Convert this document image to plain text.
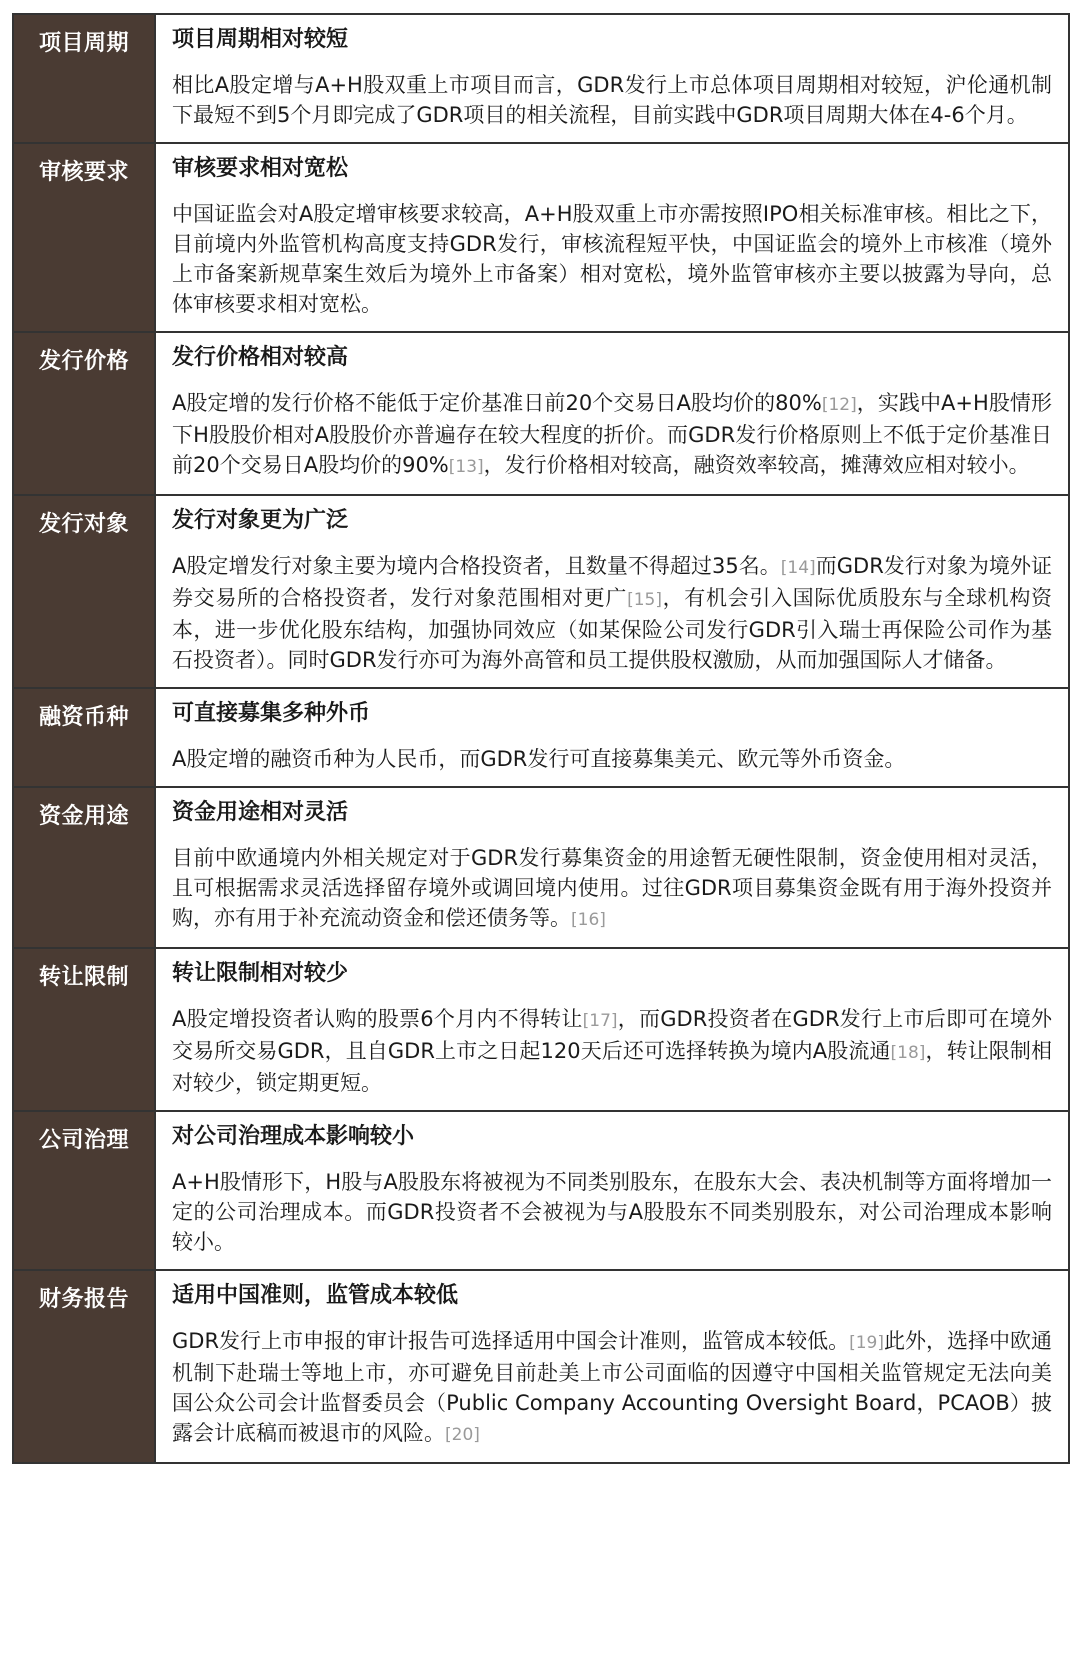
项目周期	项目周期相对较短
相比A股定增与A+H股双重上市项目而言，GDR发行上市总体项目周期相对较短，沪伦通机制下最短不到5个月即完成了GDR项目的相关流程，目前实践中GDR项目周期大体在4-6个月。
审核要求	审核要求相对宽松
中国证监会对A股定增审核要求较高，A+H股双重上市亦需按照IPO相关标准审核。相比之下，目前境内外监管机构高度支持GDR发行，审核流程短平快，中国证监会的境外上市核准（境外上市备案新规草案生效后为境外上市备案）相对宽松，境外监管审核亦主要以披露为导向，总体审核要求相对宽松。
发行价格	发行价格相对较高
A股定增的发行价格不能低于定价基准日前20个交易日A股均价的80%[12]，实践中A+H股情形下H股股价相对A股股价亦普遍存在较大程度的折价。而GDR发行价格原则上不低于定价基准日前20个交易日A股均价的90%[13]，发行价格相对较高，融资效率较高，摊薄效应相对较小。
发行对象	发行对象更为广泛
A股定增发行对象主要为境内合格投资者，且数量不得超过35名。[14]而GDR发行对象为境外证券交易所的合格投资者，发行对象范围相对更广[15]，有机会引入国际优质股东与全球机构资本，进一步优化股东结构，加强协同效应（如某保险公司发行GDR引入瑞士再保险公司作为基石投资者）。同时GDR发行亦可为海外高管和员工提供股权激励，从而加强国际人才储备。
融资币种	可直接募集多种外币
A股定增的融资币种为人民币，而GDR发行可直接募集美元、欧元等外币资金。
资金用途	资金用途相对灵活
目前中欧通境内外相关规定对于GDR发行募集资金的用途暂无硬性限制，资金使用相对灵活，且可根据需求灵活选择留存境外或调回境内使用。过往GDR项目募集资金既有用于海外投资并购，亦有用于补充流动资金和偿还债务等。[16]
转让限制	转让限制相对较少
A股定增投资者认购的股票6个月内不得转让[17]，而GDR投资者在GDR发行上市后即可在境外交易所交易GDR，且自GDR上市之日起120天后还可选择转换为境内A股流通[18]，转让限制相对较少，锁定期更短。
公司治理	对公司治理成本影响较小
A+H股情形下，H股与A股股东将被视为不同类别股东，在股东大会、表决机制等方面将增加一定的公司治理成本。而GDR投资者不会被视为与A股股东不同类别股东，对公司治理成本影响较小。
财务报告	适用中国准则，监管成本较低
GDR发行上市申报的审计报告可选择适用中国会计准则，监管成本较低。[19]此外，选择中欧通机制下赴瑞士等地上市，亦可避免目前赴美上市公司面临的因遵守中国相关监管规定无法向美国公众公司会计监督委员会（Public Company Accounting Oversight Board，PCAOB）披露会计底稿而被退市的风险。[20]
